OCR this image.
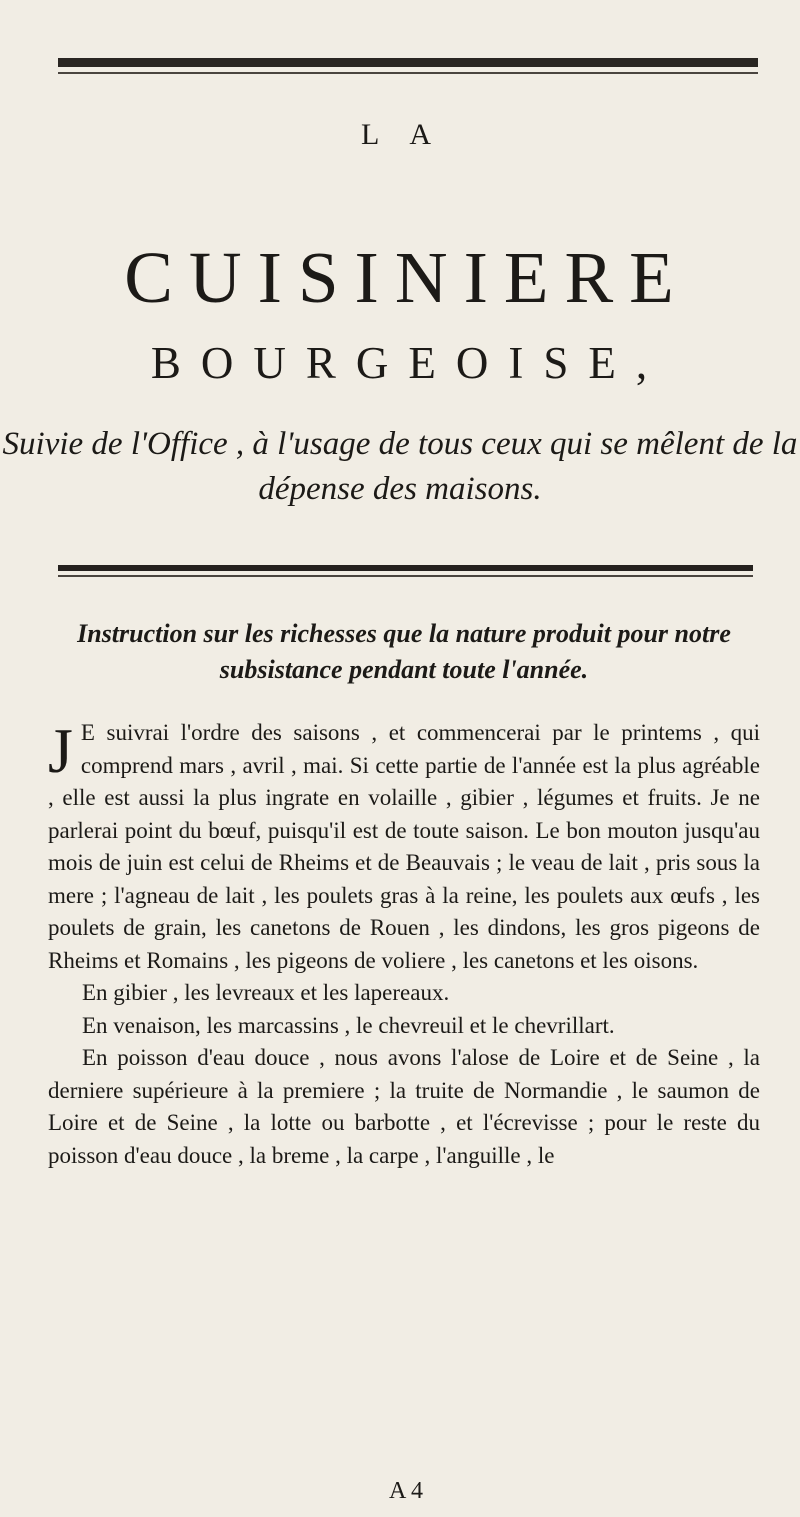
LA
CUISINIERE
BOURGEOISE,
Suivie de l'Office , à l'usage de tous ceux qui se mêlent de la dépense des maisons.
Instruction sur les richesses que la nature produit pour notre subsistance pendant toute l'année.

J E suivrai l'ordre des saisons , et commencerai par le printems , qui comprend mars , avril , mai. Si cette partie de l'année est la plus agréable , elle est aussi la plus ingrate en volaille , gibier , légumes et fruits. Je ne parlerai point du bœuf, puisqu'il est de toute saison. Le bon mouton jusqu'au mois de juin est celui de Rheims et de Beauvais ; le veau de lait , pris sous la mere ; l'agneau de lait , les poulets gras à la reine, les poulets aux œufs , les poulets de grain, les canetons de Rouen , les dindons, les gros pigeons de Rheims et Romains , les pigeons de voliere , les canetons et les oisons.

En gibier , les levreaux et les lapereaux.

En venaison, les marcassins , le chevreuil et le chevrillart.

En poisson d'eau douce , nous avons l'alose de Loire et de Seine , la derniere supérieure à la premiere ; la truite de Normandie , le saumon de Loire et de Seine , la lotte ou barbotte , et l'écrevisse ; pour le reste du poisson d'eau douce , la breme , la carpe , l'anguille , le

A 4
